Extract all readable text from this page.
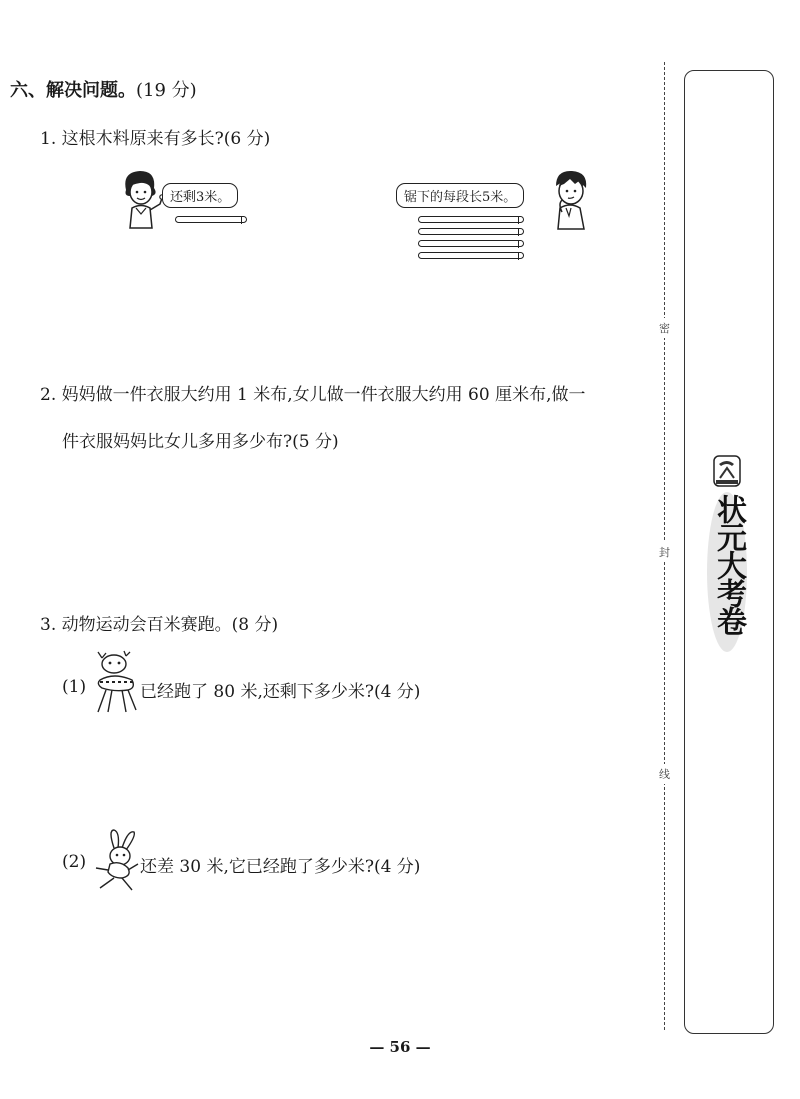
六、解决问题。(19 分)
1. 这根木料原来有多长?(6 分)
还剩3米。	锯下的每段长5米。
2. 妈妈做一件衣服大约用 1 米布,女儿做一件衣服大约用 60 厘米布,做一
件衣服妈妈比女儿多用多少布?(5 分)
3. 动物运动会百米赛跑。(8 分)
(1)	已经跑了 80 米,还剩下多少米?(4 分)
(2)	还差 30 米,它已经跑了多少米?(4 分)
密
封
线
状元大考卷
— 56 —
